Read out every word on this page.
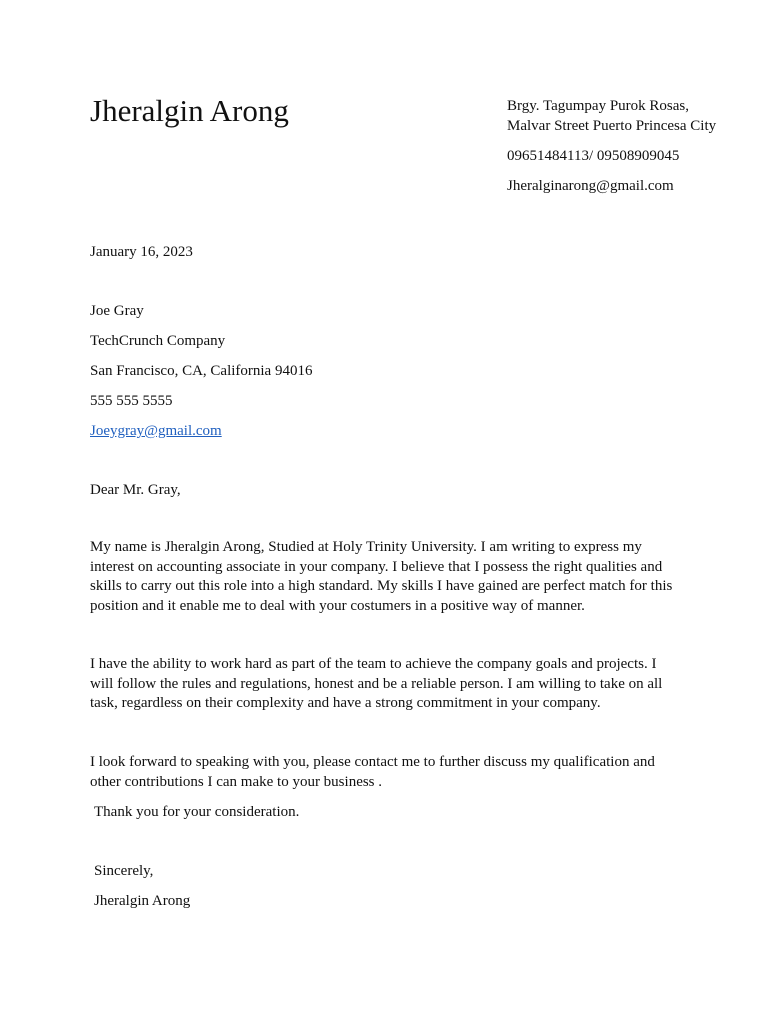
Jheralgin Arong	Brgy. Tagumpay Purok Rosas,
Malvar Street Puerto Princesa City
09651484113/ 09508909045
Jheralginarong@gmail.com
January 16, 2023
Joe Gray
TechCrunch Company
San Francisco, CA, California 94016
555 555 5555
Joeygray@gmail.com
Dear Mr. Gray,

My name is Jheralgin Arong, Studied at Holy Trinity University. I am writing to express my interest on accounting associate in your company. I believe that I possess the right qualities and skills to carry out this role into a high standard. My skills I have gained are perfect match for this position and it enable me to deal with your costumers in a positive way of manner.

I have the ability to work hard as part of the team to achieve the company goals and projects. I will follow the rules and regulations, honest and be a reliable person. I am willing to take on all task, regardless on their complexity and have a strong commitment in your company.

I look forward to speaking with you, please contact me to further discuss my qualification and other contributions I can make to your business .

Thank you for your consideration.
Sincerely,
Jheralgin Arong
